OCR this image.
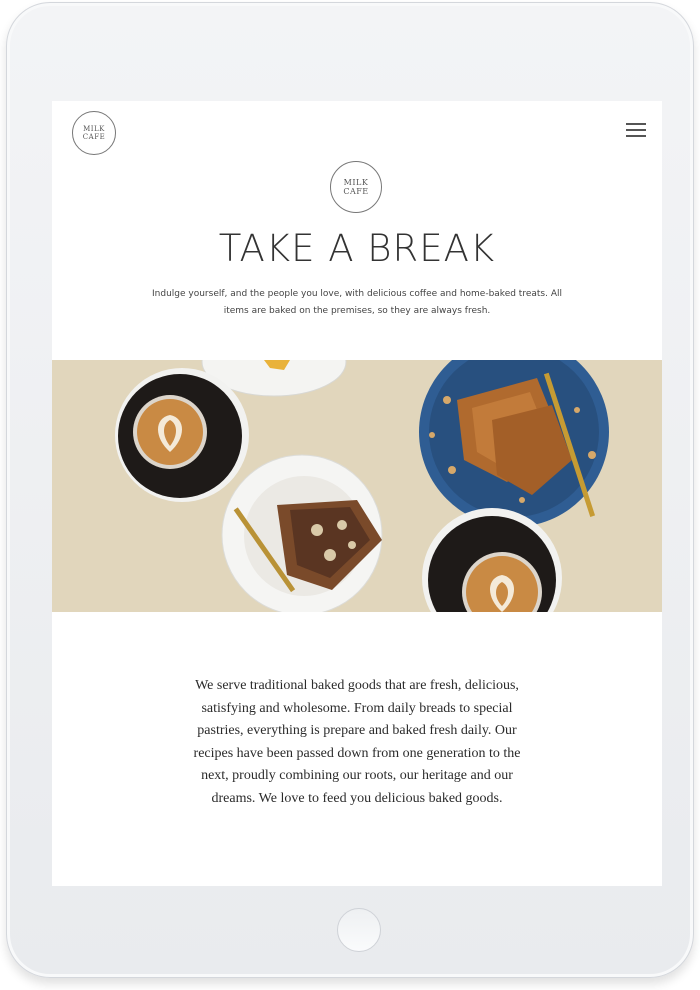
MILK
CAFE
MILK
CAFE
TAKE A BREAK
Indulge yourself, and the people you love, with delicious coffee and home-baked treats. All
items are baked on the premises, so they are always fresh.
We serve traditional baked goods that are fresh, delicious,
satisfying and wholesome. From daily breads to special
pastries, everything is prepare and baked fresh daily. Our
recipes have been passed down from one generation to the
next, proudly combining our roots, our heritage and our
dreams. We love to feed you delicious baked goods.
